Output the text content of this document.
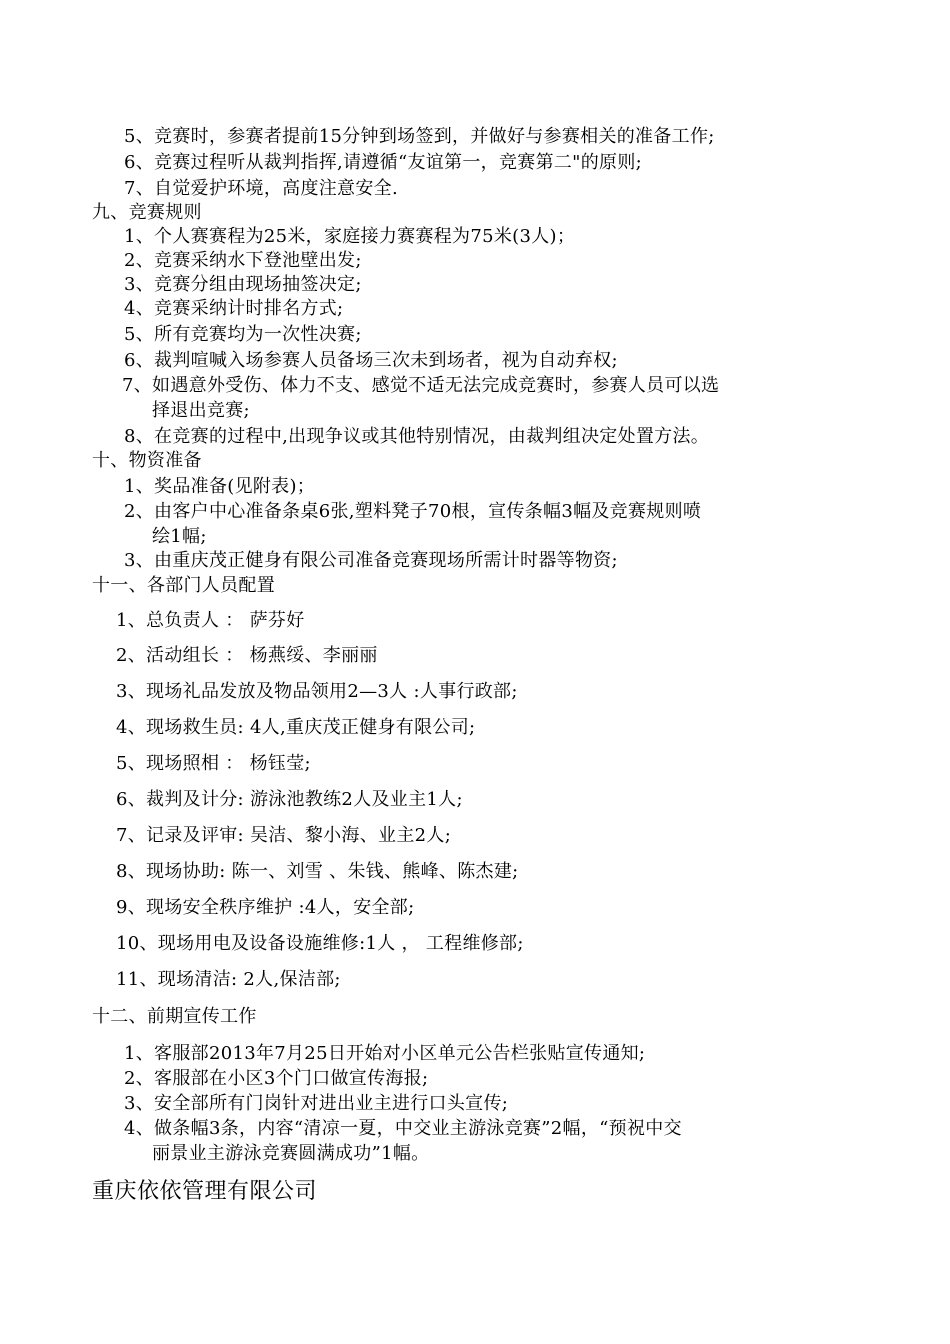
5、竞赛时，参赛者提前15分钟到场签到，并做好与参赛相关的准备工作;
6、竞赛过程听从裁判指挥,请遵循“友谊第一，竞赛第二"的原则;
7、自觉爱护环境，高度注意安全.
九、竞赛规则
1、个人赛赛程为25米，家庭接力赛赛程为75米(3人)；
2、竞赛采纳水下登池壁出发;
3、竞赛分组由现场抽签决定;
4、竞赛采纳计时排名方式;
5、所有竞赛均为一次性决赛;
6、裁判喧喊入场参赛人员备场三次未到场者，视为自动弃权;
7、如遇意外受伤、体力不支、感觉不适无法完成竞赛时，参赛人员可以选
择退出竞赛;
8、在竞赛的过程中,出现争议或其他特别情况，由裁判组决定处置方法。
十、物资准备
1、奖品准备(见附表)；
2、由客户中心准备条桌6张,塑料凳子70根，宣传条幅3幅及竞赛规则喷
绘1幅;
3、由重庆茂正健身有限公司准备竞赛现场所需计时器等物资;
十一、各部门人员配置
1、总负责人 ： 萨芬好
2、活动组长 ： 杨燕绥、李丽丽
3、现场礼品发放及物品领用2—3人 :人事行政部;
4、现场救生员: 4人,重庆茂正健身有限公司;
5、现场照相 ： 杨钰莹;
6、裁判及计分: 游泳池教练2人及业主1人;
7、记录及评审: 吴洁、黎小海、业主2人;
8、现场协助: 陈一、刘雪 、朱钱、熊峰、陈杰建;
9、现场安全秩序维护 :4人，安全部;
10、现场用电及设备设施维修:1人 ， 工程维修部;
11、现场清洁: 2人,保洁部;
十二、前期宣传工作
1、客服部2013年7月25日开始对小区单元公告栏张贴宣传通知;
2、客服部在小区3个门口做宣传海报;
3、安全部所有门岗针对进出业主进行口头宣传;
4、做条幅3条，内容“清凉一夏，中交业主游泳竞赛”2幅，“预祝中交
丽景业主游泳竞赛圆满成功”1幅。
重庆依依管理有限公司
